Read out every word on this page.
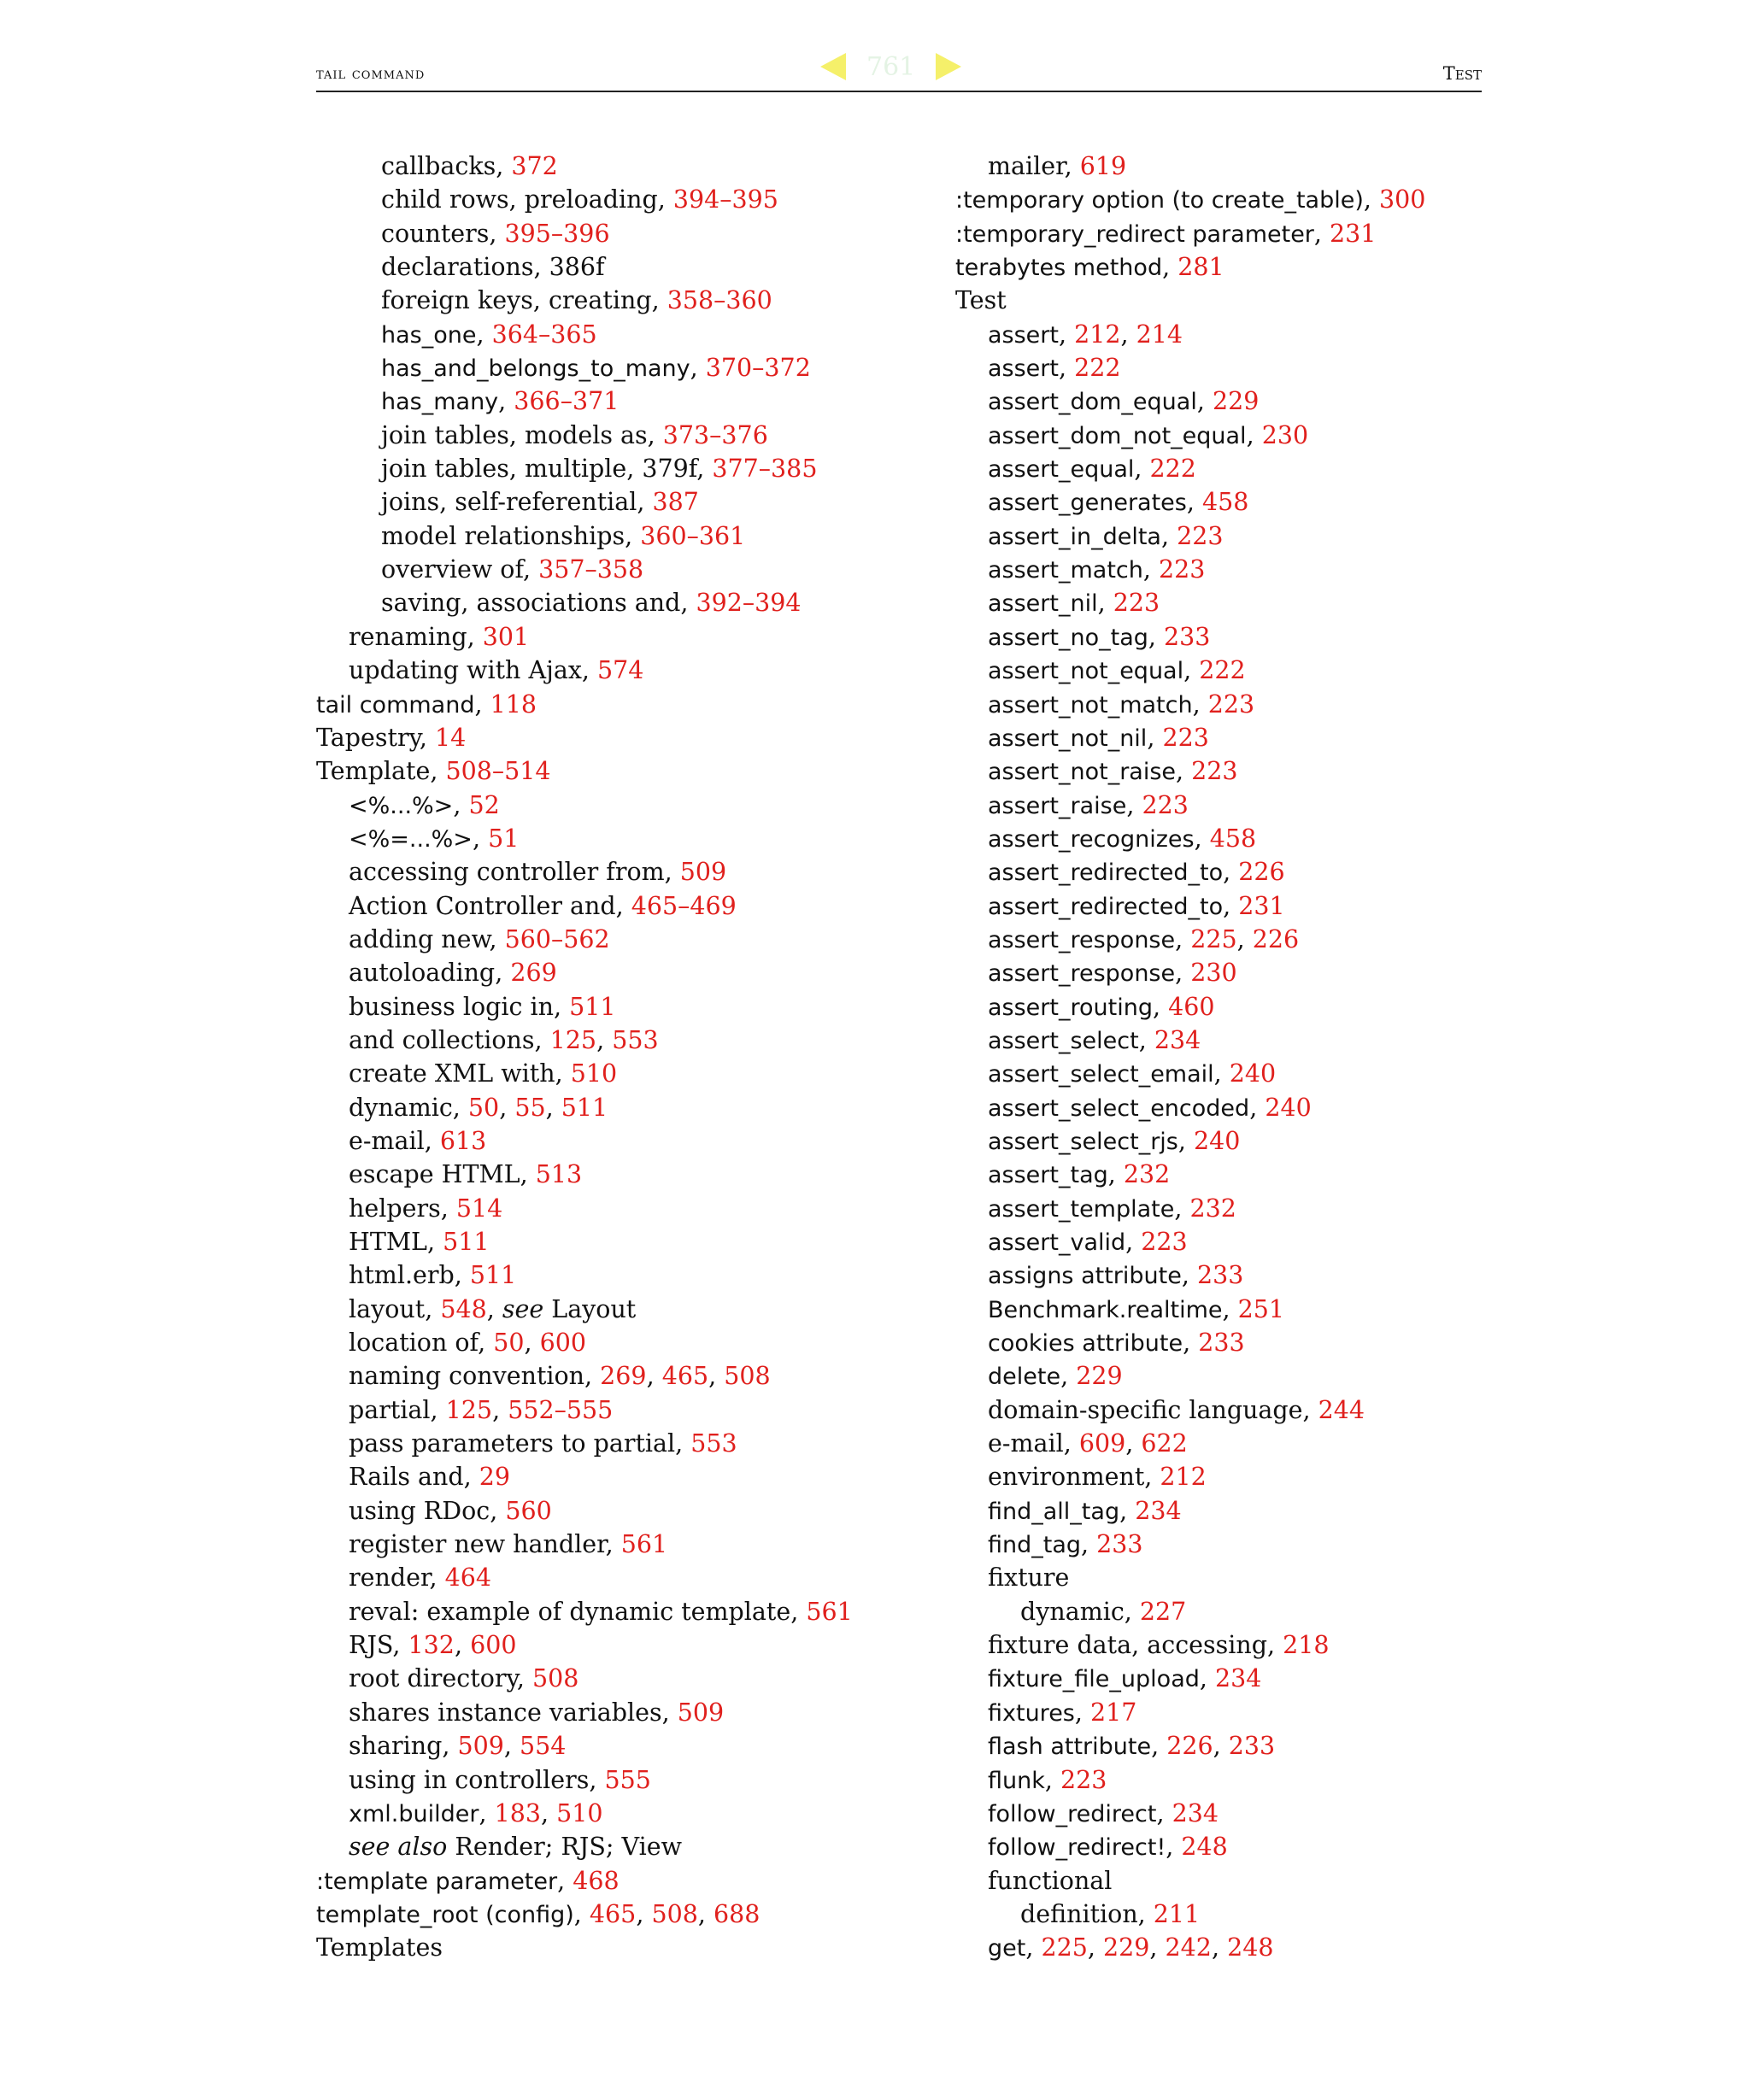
tail command	Test
761
callbacks, 372
child rows, preloading, 394–395
counters, 395–396
declarations, 386f
foreign keys, creating, 358–360
has_one, 364–365
has_and_belongs_to_many, 370–372
has_many, 366–371
join tables, models as, 373–376
join tables, multiple, 379f, 377–385
joins, self-referential, 387
model relationships, 360–361
overview of, 357–358
saving, associations and, 392–394
renaming, 301
updating with Ajax, 574
tail command, 118
Tapestry, 14
Template, 508–514
<%...%>, 52
<%=...%>, 51
accessing controller from, 509
Action Controller and, 465–469
adding new, 560–562
autoloading, 269
business logic in, 511
and collections, 125, 553
create XML with, 510
dynamic, 50, 55, 511
e-mail, 613
escape HTML, 513
helpers, 514
HTML, 511
html.erb, 511
layout, 548, see Layout
location of, 50, 600
naming convention, 269, 465, 508
partial, 125, 552–555
pass parameters to partial, 553
Rails and, 29
using RDoc, 560
register new handler, 561
render, 464
reval: example of dynamic template, 561
RJS, 132, 600
root directory, 508
shares instance variables, 509
sharing, 509, 554
using in controllers, 555
xml.builder, 183, 510
see also Render; RJS; View
:template parameter, 468
template_root (config), 465, 508, 688
Templates
mailer, 619
:temporary option (to create_table), 300
:temporary_redirect parameter, 231
terabytes method, 281
Test
assert, 212, 214
assert, 222
assert_dom_equal, 229
assert_dom_not_equal, 230
assert_equal, 222
assert_generates, 458
assert_in_delta, 223
assert_match, 223
assert_nil, 223
assert_no_tag, 233
assert_not_equal, 222
assert_not_match, 223
assert_not_nil, 223
assert_not_raise, 223
assert_raise, 223
assert_recognizes, 458
assert_redirected_to, 226
assert_redirected_to, 231
assert_response, 225, 226
assert_response, 230
assert_routing, 460
assert_select, 234
assert_select_email, 240
assert_select_encoded, 240
assert_select_rjs, 240
assert_tag, 232
assert_template, 232
assert_valid, 223
assigns attribute, 233
Benchmark.realtime, 251
cookies attribute, 233
delete, 229
domain-specific language, 244
e-mail, 609, 622
environment, 212
find_all_tag, 234
find_tag, 233
fixture
dynamic, 227
fixture data, accessing, 218
fixture_file_upload, 234
fixtures, 217
flash attribute, 226, 233
flunk, 223
follow_redirect, 234
follow_redirect!, 248
functional
definition, 211
get, 225, 229, 242, 248
